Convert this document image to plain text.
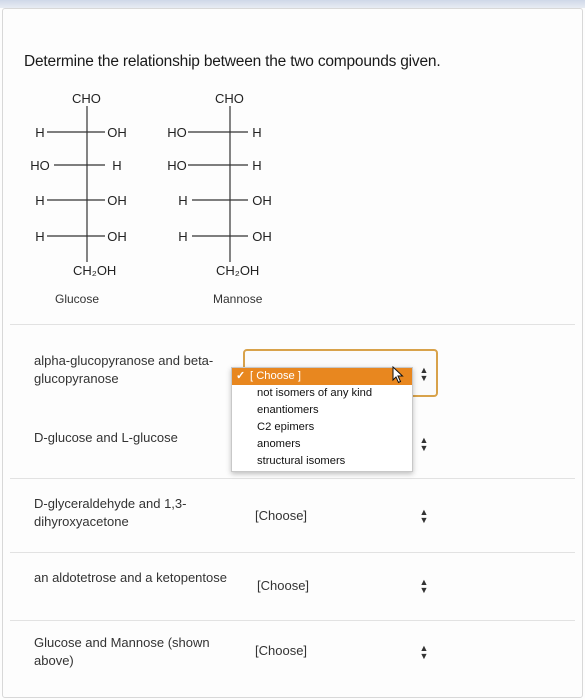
Determine the relationship between the two compounds given.
CHO
H	OH
HO	H
H	OH
H	OH
CH₂OH
Glucose
CHO
HO	H
HO	H
H	OH
H	OH
CH₂OH
Mannose
alpha-glucopyranose and beta-
glucopyranose
▲
▼
D-glucose and L-glucose	▲
▼
D-glyceraldehyde and 1,3-
dihyroxyacetone	[Choose]	▲
▼
an aldotetrose and a ketopentose	[Choose]	▲
▼
Glucose and Mannose (shown
above)
[Choose]	▲
▼
✓ [ Choose ]
not isomers of any kind
enantiomers
C2 epimers
anomers
structural isomers
